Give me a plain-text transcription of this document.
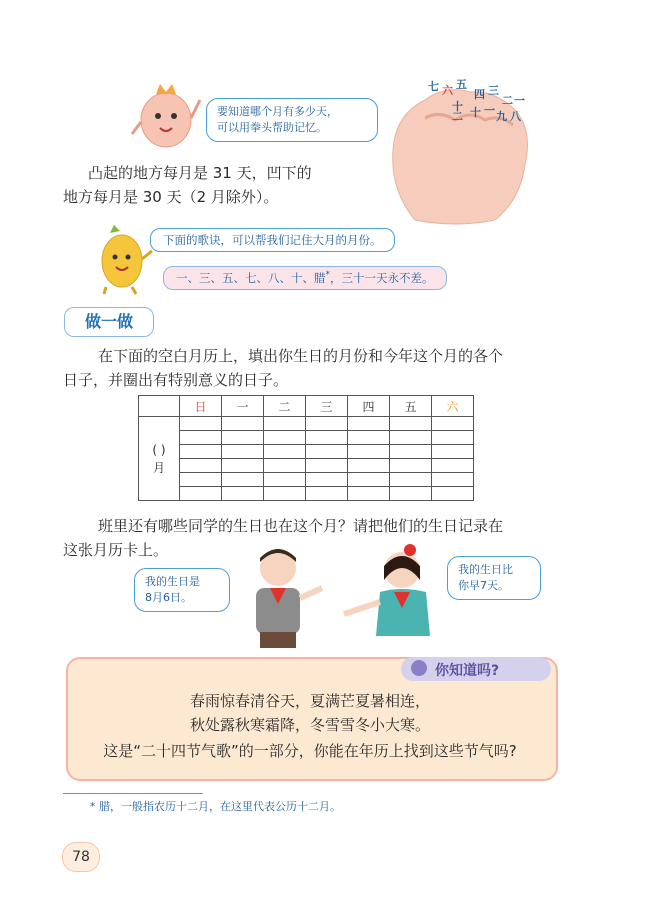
要知道哪个月有多少天，
可以用拳头帮助记忆。
七 六 五
四 三
二 一
十
二 十 一 九 八
凸起的地方每月是 31 天，凹下的
地方每月是 30 天（2 月除外）。
下面的歌诀，可以帮我们记住大月的月份。
一、三、五、七、八、十、腊*，三十一天永不差。
做一做
在下面的空白月历上，填出你生日的月份和今年这个月的各个
日子，并圈出有特别意义的日子。
	日	一	二	三	四	五	六

( )
月							

班里还有哪些同学的生日也在这个月？请把他们的生日记录在
这张月历卡上。
我的生日是
8月6日。
我的生日比
你早7天。
你知道吗?
春雨惊春清谷天，夏满芒夏暑相连，
秋处露秋寒霜降，冬雪雪冬小大寒。
这是“二十四节气歌”的一部分，你能在年历上找到这些节气吗?
* 腊，一般指农历十二月，在这里代表公历十二月。
78
